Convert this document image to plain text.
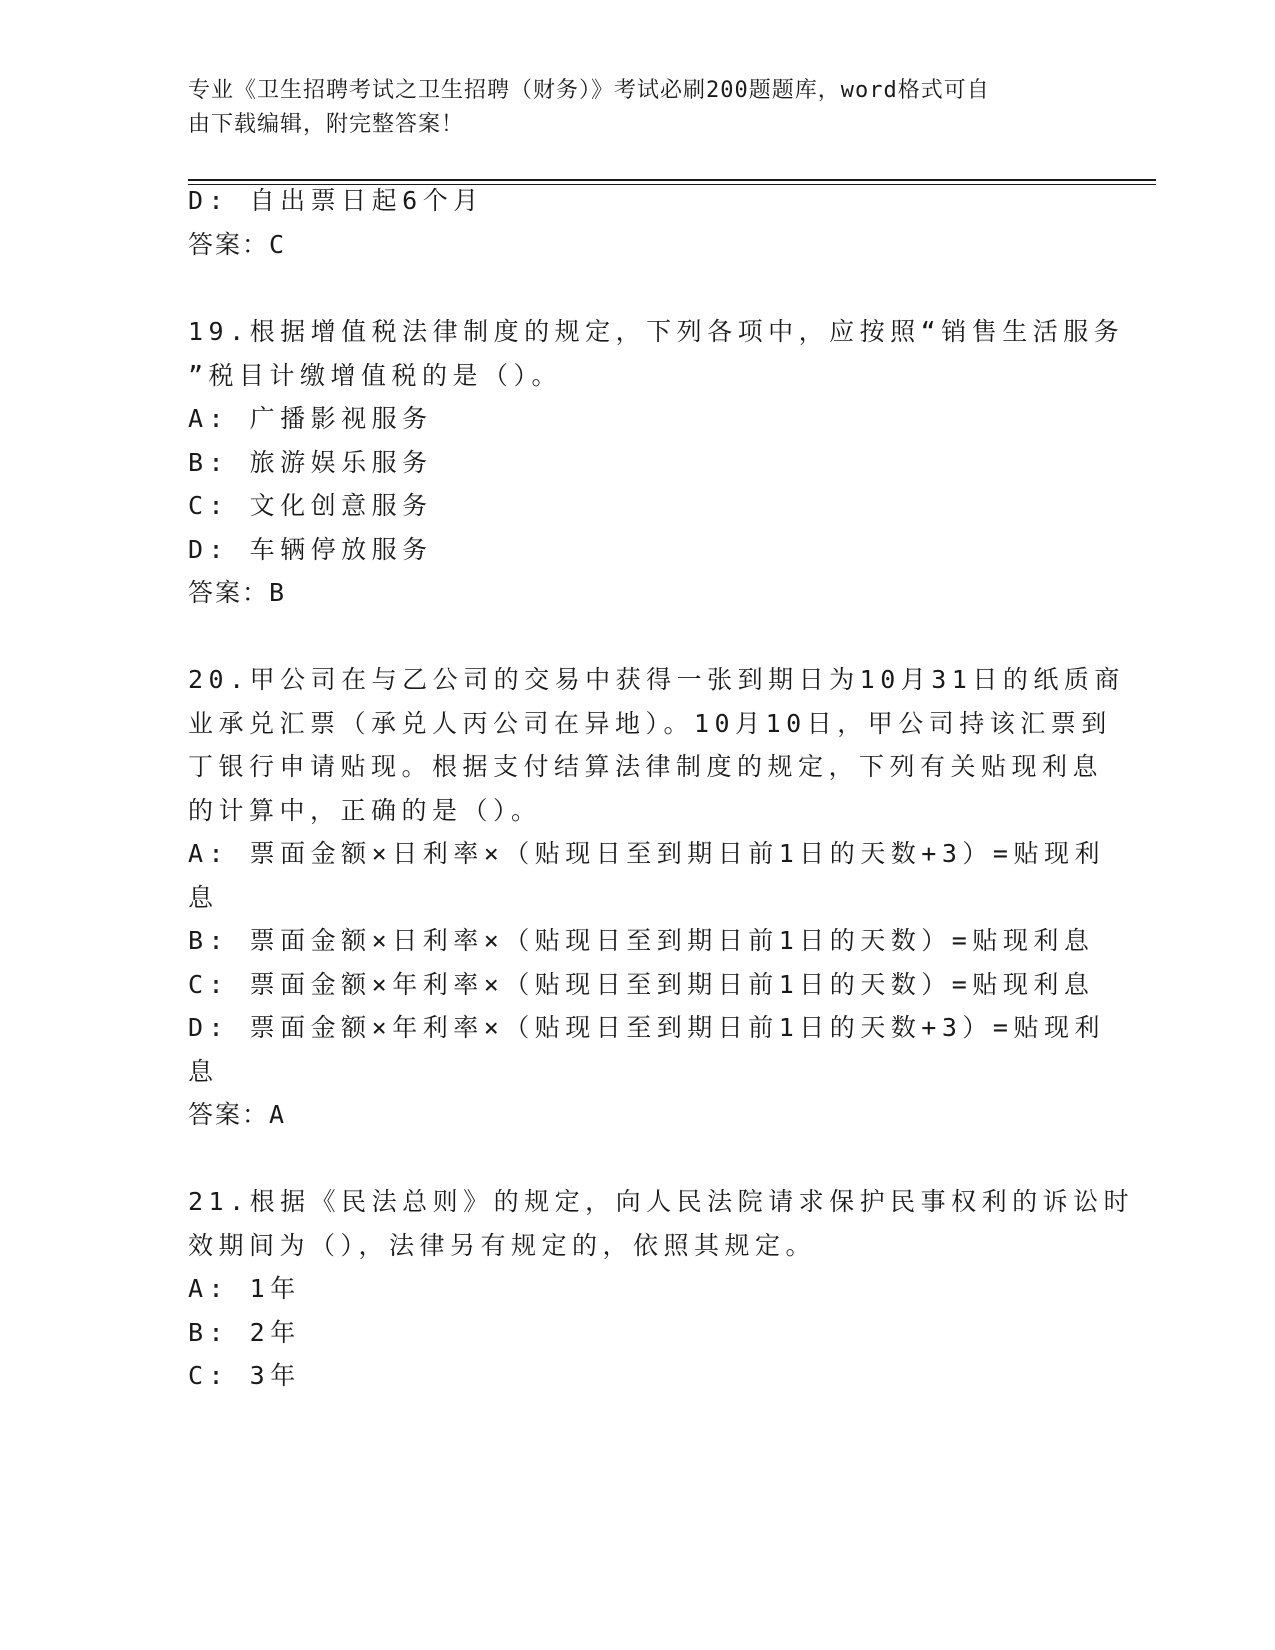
专业《卫生招聘考试之卫生招聘（财务）》考试必刷200题题库，word格式可自
由下载编辑，附完整答案！
D: 自出票日起6个月
答案：C
19.根据增值税法律制度的规定，下列各项中，应按照“销售生活服务
”税目计缴增值税的是（）。
A: 广播影视服务
B: 旅游娱乐服务
C: 文化创意服务
D: 车辆停放服务
答案：B
20.甲公司在与乙公司的交易中获得一张到期日为10月31日的纸质商
业承兑汇票（承兑人丙公司在异地）。10月10日，甲公司持该汇票到
丁银行申请贴现。根据支付结算法律制度的规定，下列有关贴现利息
的计算中，正确的是（）。
A: 票面金额×日利率×（贴现日至到期日前1日的天数+3）=贴现利
息
B: 票面金额×日利率×（贴现日至到期日前1日的天数）=贴现利息
C: 票面金额×年利率×（贴现日至到期日前1日的天数）=贴现利息
D: 票面金额×年利率×（贴现日至到期日前1日的天数+3）=贴现利
息
答案：A
21.根据《民法总则》的规定，向人民法院请求保护民事权利的诉讼时
效期间为（），法律另有规定的，依照其规定。
A: 1年
B: 2年
C: 3年
